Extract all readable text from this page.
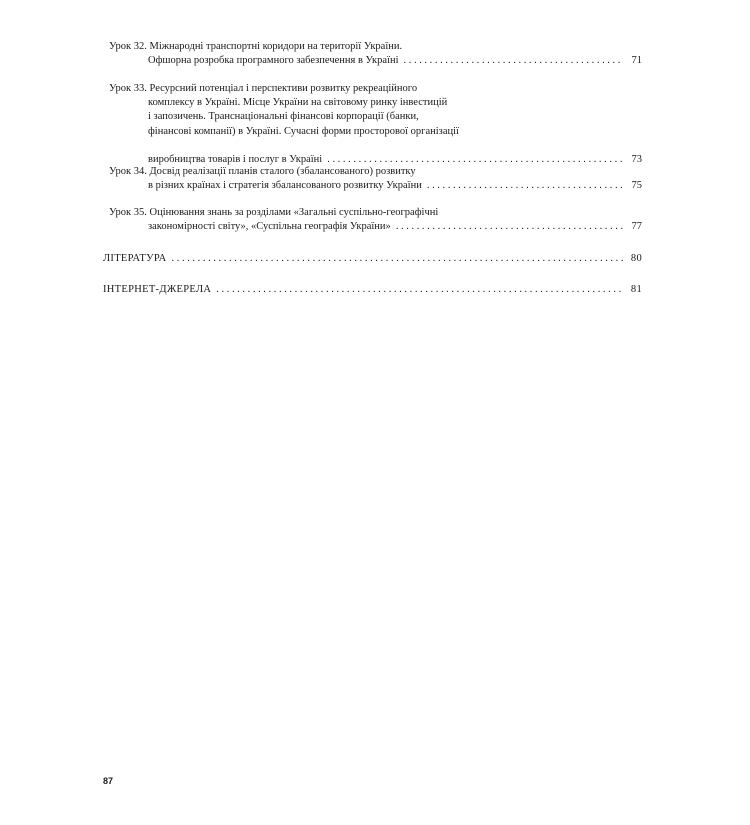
Урок 32. Міжнародні транспортні коридори на території України.
Офшорна розробка програмного забезпечення в Україні .....	71
Урок 33. Ресурсний потенціал і перспективи розвитку рекреаційного
комплексу в Україні. Місце України на світовому ринку інвестицій
і запозичень. Транснаціональні фінансові корпорації (банки,
фінансові компанії) в Україні. Сучасні форми просторової організації
виробництва товарів і послуг в Україні .....	73
Урок 34. Досвід реалізації планів сталого (збалансованого) розвитку
в різних країнах і стратегія збалансованого розвитку України .....	75
Урок 35. Оцінювання знань за розділами «Загальні суспільно-географічні
закономірності світу», «Суспільна географія України» .....	77
ЛІТЕРАТУРА .....	80
ІНТЕРНЕТ-ДЖЕРЕЛА .....	81
87
